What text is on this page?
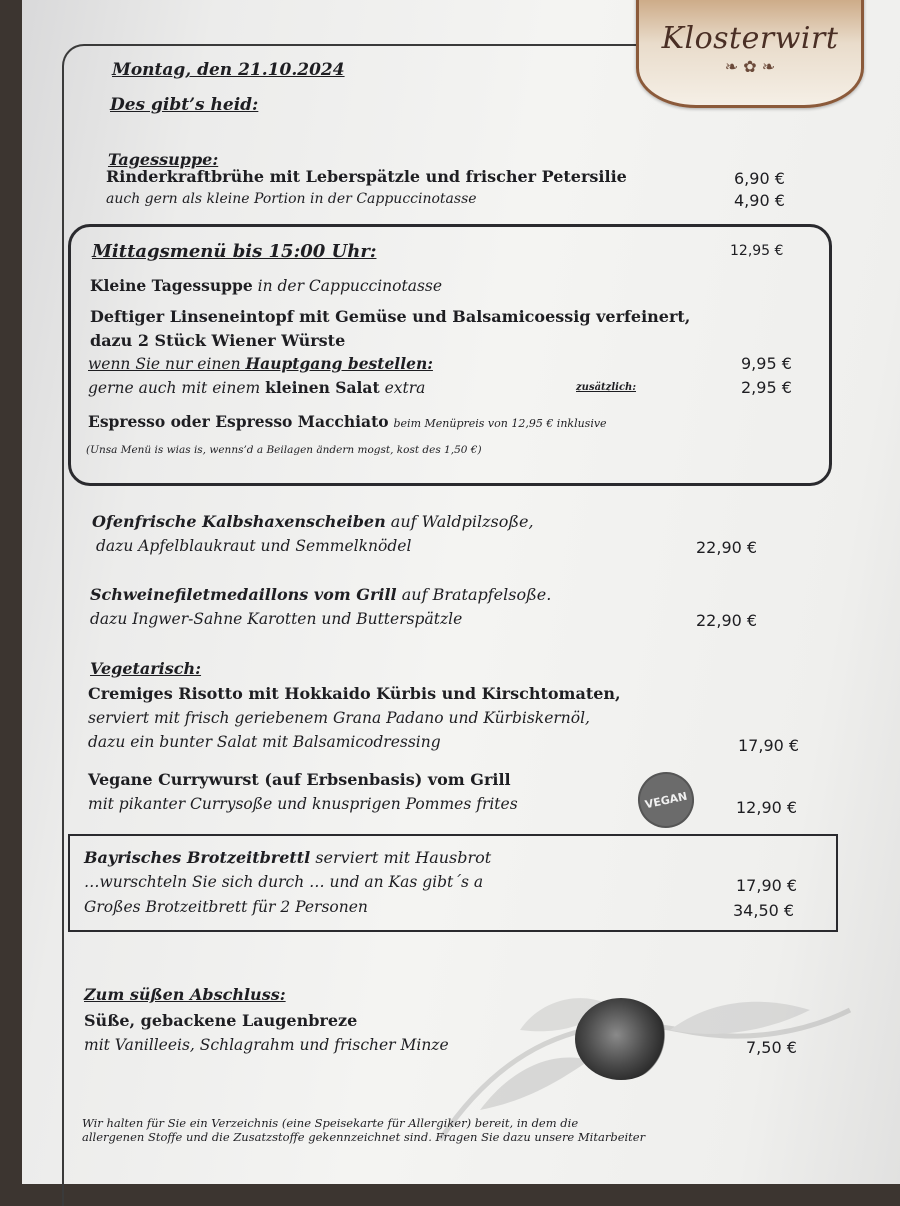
Klosterwirt
❧ ✿ ❧
Montag, den 21.10.2024
Des gibt’s heid:
Tagessuppe:
Rinderkraftbrühe mit Leberspätzle und frischer Petersilie	6,90 €
auch gern als kleine Portion in der Cappuccinotasse	4,90 €
Mittagsmenü bis 15:00 Uhr:	12,95 €
Kleine Tagessuppe in der Cappuccinotasse
Deftiger Linseneintopf mit Gemüse und Balsamicoessig verfeinert,
dazu 2 Stück Wiener Würste
wenn Sie nur einen Hauptgang bestellen:	9,95 €
gerne auch mit einem kleinen Salat extra	zusätzlich:	2,95 €
Espresso oder Espresso Macchiato beim Menüpreis von 12,95 € inklusive
(Unsa Menü is wias is, wenns’d a Beilagen ändern mogst, kost des 1,50 €)
Ofenfrische Kalbshaxenscheiben auf Waldpilzsoße,
dazu Apfelblaukraut und Semmelknödel	22,90 €
Schweinefiletmedaillons vom Grill auf Bratapfelsoße.
dazu Ingwer-Sahne Karotten und Butterspätzle	22,90 €
Vegetarisch:
Cremiges Risotto mit Hokkaido Kürbis und Kirschtomaten,
serviert mit frisch geriebenem Grana Padano und Kürbiskernöl,
dazu ein bunter Salat mit Balsamicodressing	17,90 €
Vegane Currywurst (auf Erbsenbasis) vom Grill
mit pikanter Currysoße und knusprigen Pommes frites	VEGAN	12,90 €
Bayrisches Brotzeitbrettl serviert mit Hausbrot
…wurschteln Sie sich durch … und an Kas gibt´s a	17,90 €
Großes Brotzeitbrett für 2 Personen	34,50 €
Zum süßen Abschluss:
Süße, gebackene Laugenbreze
mit Vanilleeis, Schlagrahm und frischer Minze	7,50 €
Wir halten für Sie ein Verzeichnis (eine Speisekarte für Allergiker) bereit, in dem die
allergenen Stoffe und die Zusatzstoffe gekennzeichnet sind. Fragen Sie dazu unsere Mitarbeiter
